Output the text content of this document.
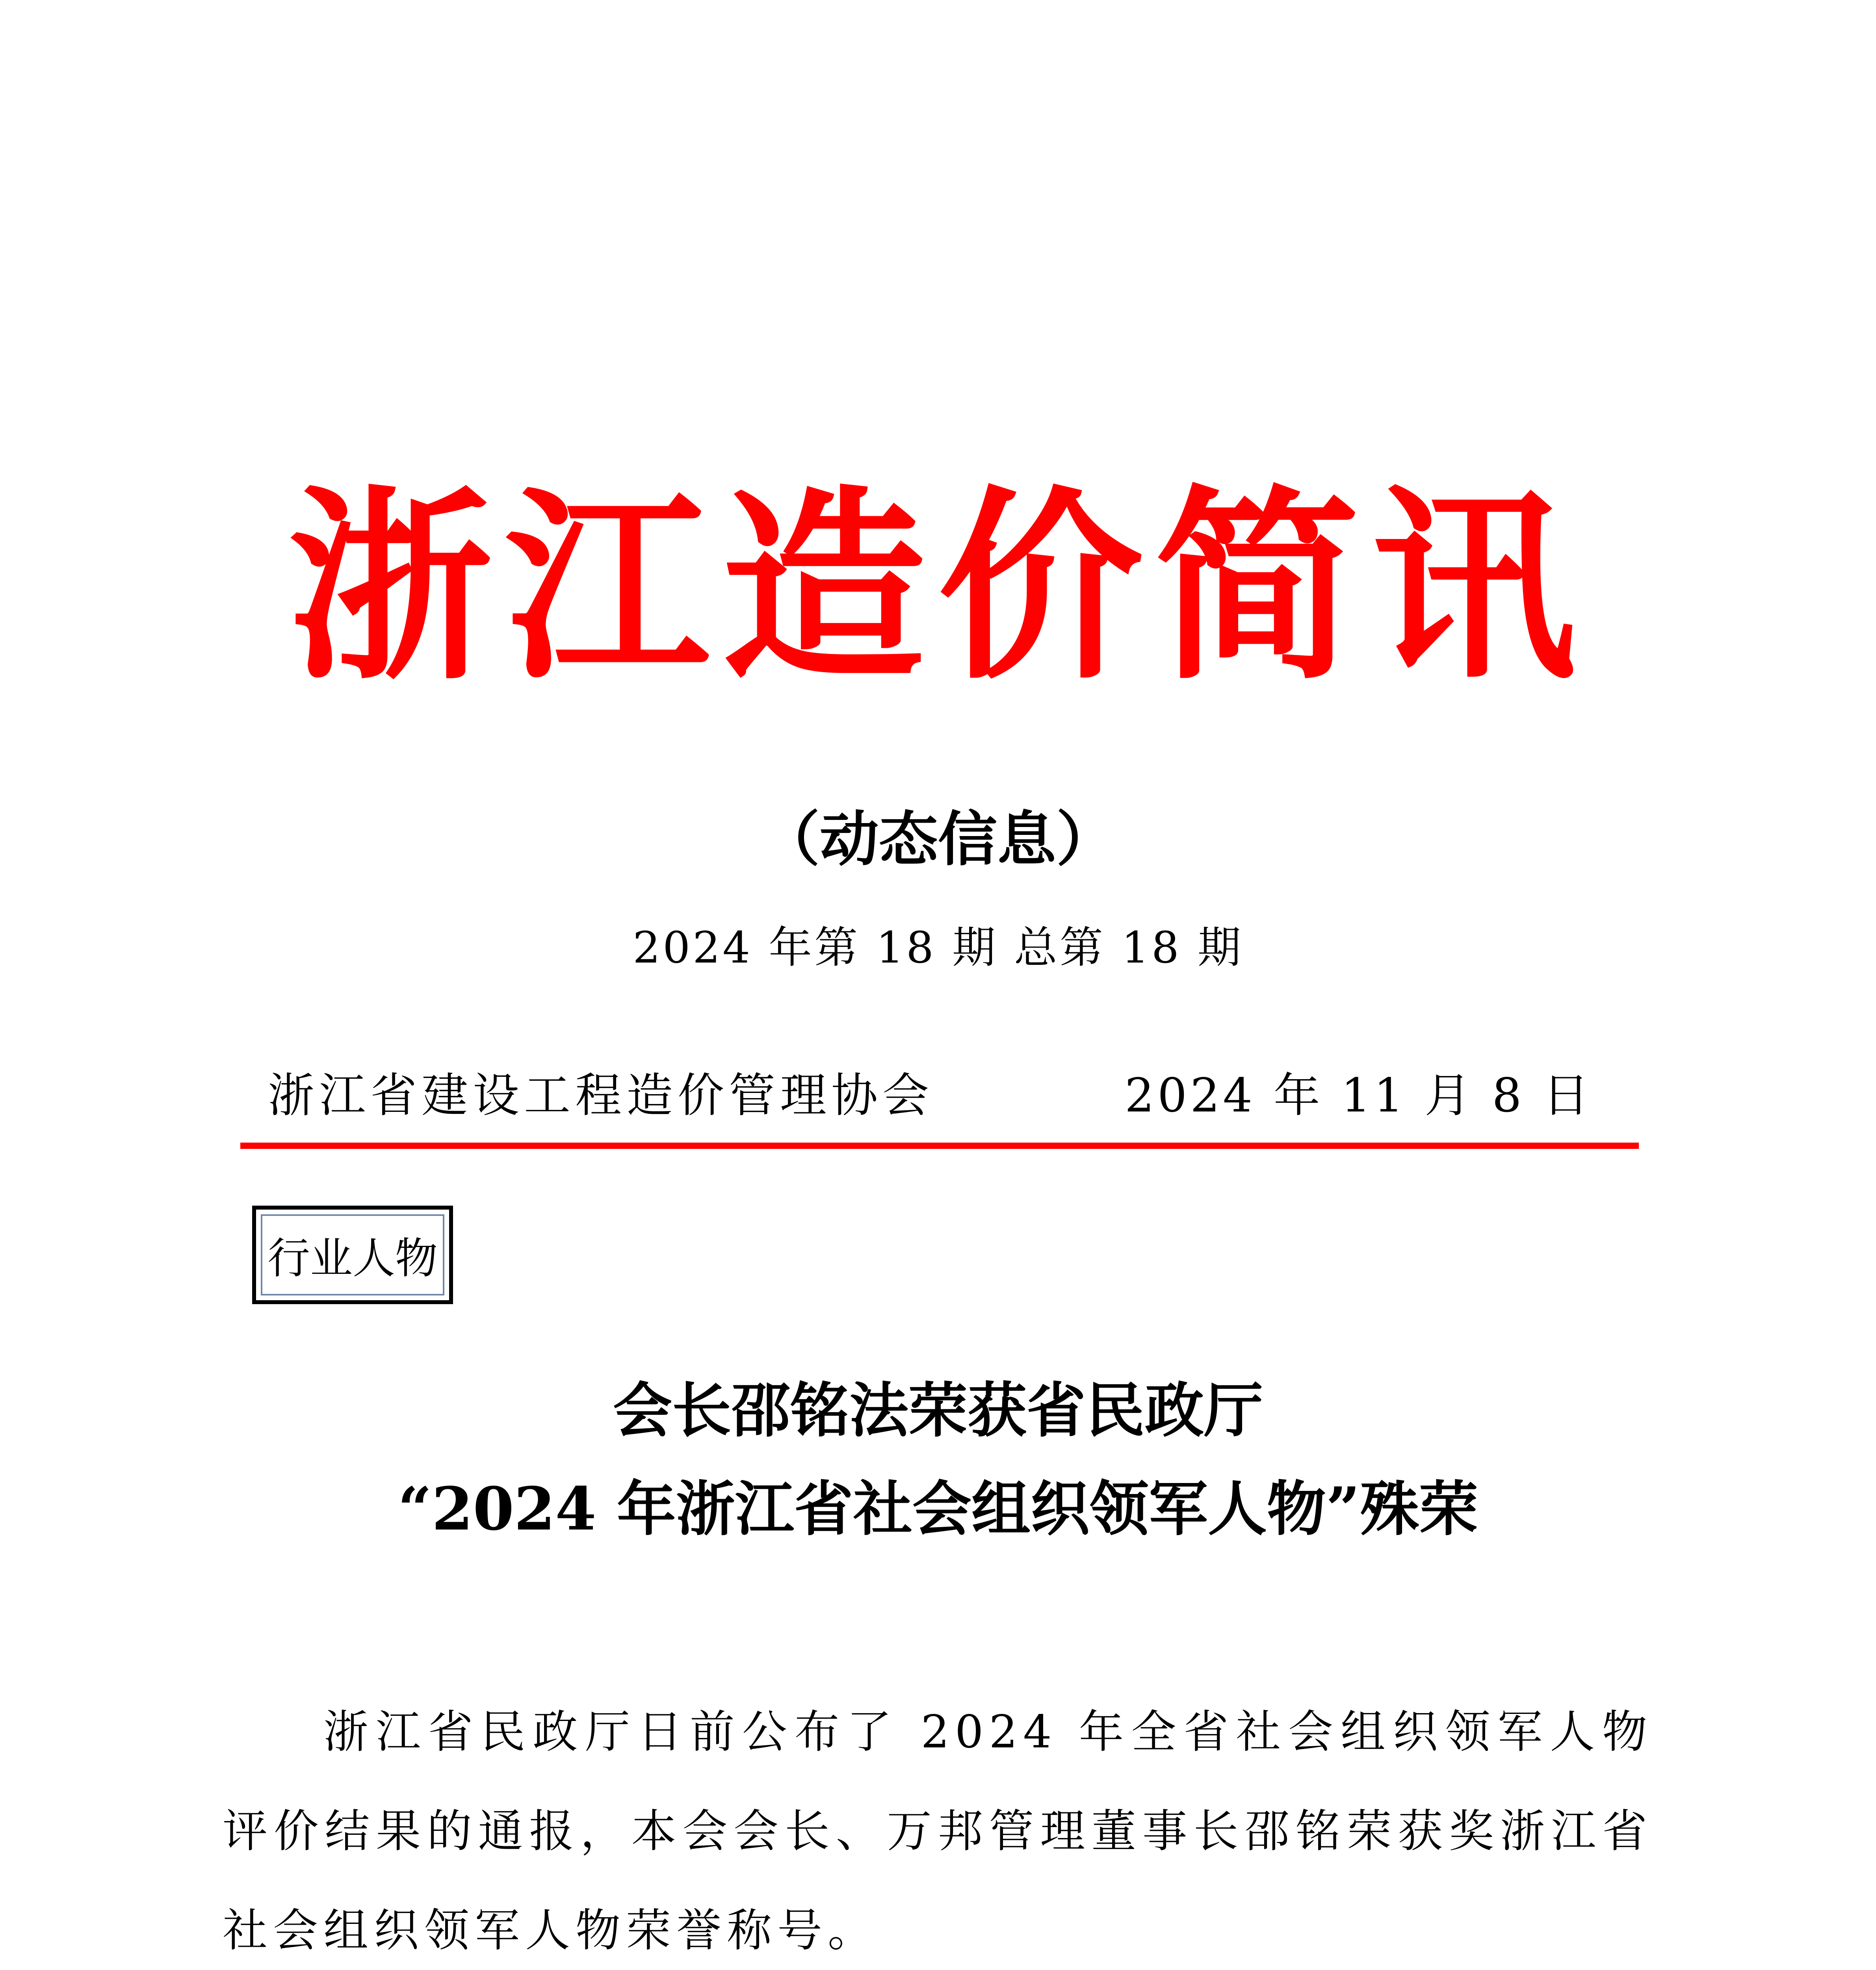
浙江造价简讯
（动态信息）
2024 年第 18 期 总第 18 期
浙江省建设工程造价管理协会	2024 年 11 月 8 日
行业人物
会长邵铭法荣获省民政厅
“2024 年浙江省社会组织领军人物”殊荣

浙江省民政厅日前公布了 2024 年全省社会组织领军人物评价结果的通报，本会会长、万邦管理董事长邵铭荣获奖浙江省社会组织领军人物荣誉称号。
